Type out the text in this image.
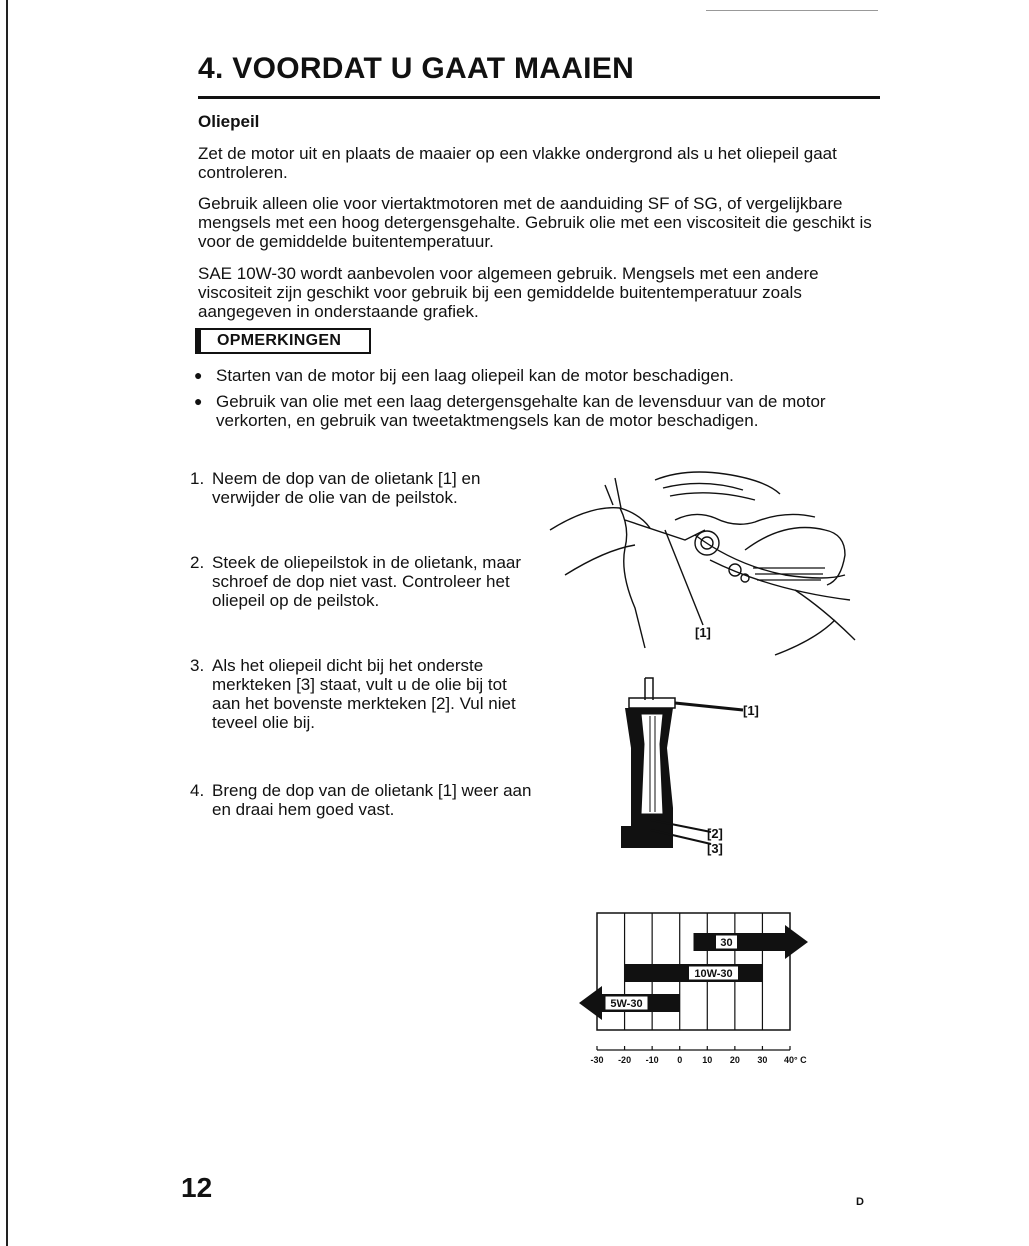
4. VOORDAT U GAAT MAAIEN
Oliepeil
Zet de motor uit en plaats de maaier op een vlakke ondergrond als u het oliepeil gaat controleren.
Gebruik alleen olie voor viertaktmotoren met de aanduiding SF of SG, of vergelijkbare mengsels met een hoog detergensgehalte. Gebruik olie met een viscositeit die geschikt is voor de gemiddelde buitentemperatuur.
SAE 10W-30 wordt aanbevolen voor algemeen gebruik. Mengsels met een andere viscositeit zijn geschikt voor gebruik bij een gemiddelde buitentemperatuur zoals aangegeven in onderstaande grafiek.
OPMERKINGEN
● Starten van de motor bij een laag oliepeil kan de motor beschadigen.
● Gebruik van olie met een laag detergensgehalte kan de levensduur van de motor verkorten, en gebruik van tweetaktmengsels kan de motor beschadigen.
1. Neem de dop van de olietank [1] en verwijder de olie van de peilstok.
2. Steek de oliepeilstok in de olietank, maar schroef de dop niet vast. Controleer het oliepeil op de peilstok.
3. Als het oliepeil dicht bij het onderste merkteken [3] staat, vult u de olie bij tot aan het bovenste merkteken [2]. Vul niet teveel olie bij.
4. Breng de dop van de olietank [1] weer aan en draai hem goed vast.
[1]
[1]
[2]
[3]
30
10W-30
5W-30
-30 -20 -10 0 10 20 30 40° C
12	D
